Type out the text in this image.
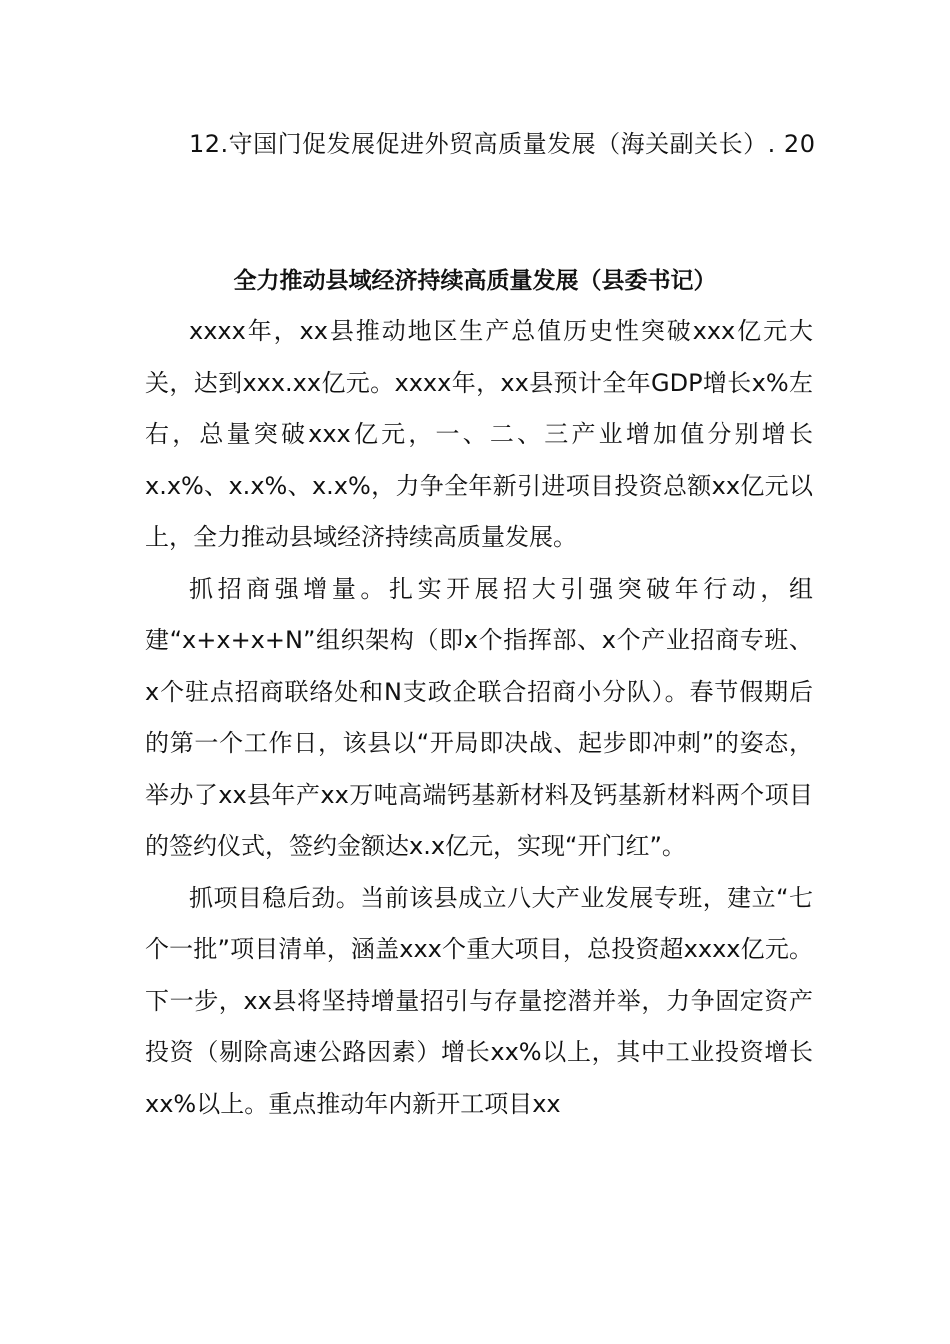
12.守国门促发展促进外贸高质量发展（海关副关长）. 20
全力推动县域经济持续高质量发展（县委书记）

xxxx年，xx县推动地区生产总值历史性突破xxx亿元大关，达到xxx.xx亿元。xxxx年，xx县预计全年GDP增长x%左右，总量突破xxx亿元，一、二、三产业增加值分别增长x.x%、x.x%、x.x%，力争全年新引进项目投资总额xx亿元以上，全力推动县域经济持续高质量发展。

抓招商强增量。扎实开展招大引强突破年行动，组建“x+x+x+N”组织架构（即x个指挥部、x个产业招商专班、x个驻点招商联络处和N支政企联合招商小分队）。春节假期后的第一个工作日，该县以“开局即决战、起步即冲刺”的姿态，举办了xx县年产xx万吨高端钙基新材料及钙基新材料两个项目的签约仪式，签约金额达x.x亿元，实现“开门红”。

抓项目稳后劲。当前该县成立八大产业发展专班，建立“七个一批”项目清单，涵盖xxx个重大项目，总投资超xxxx亿元。下一步，xx县将坚持增量招引与存量挖潜并举，力争固定资产投资（剔除高速公路因素）增长xx%以上，其中工业投资增长xx%以上。重点推动年内新开工项目xx
